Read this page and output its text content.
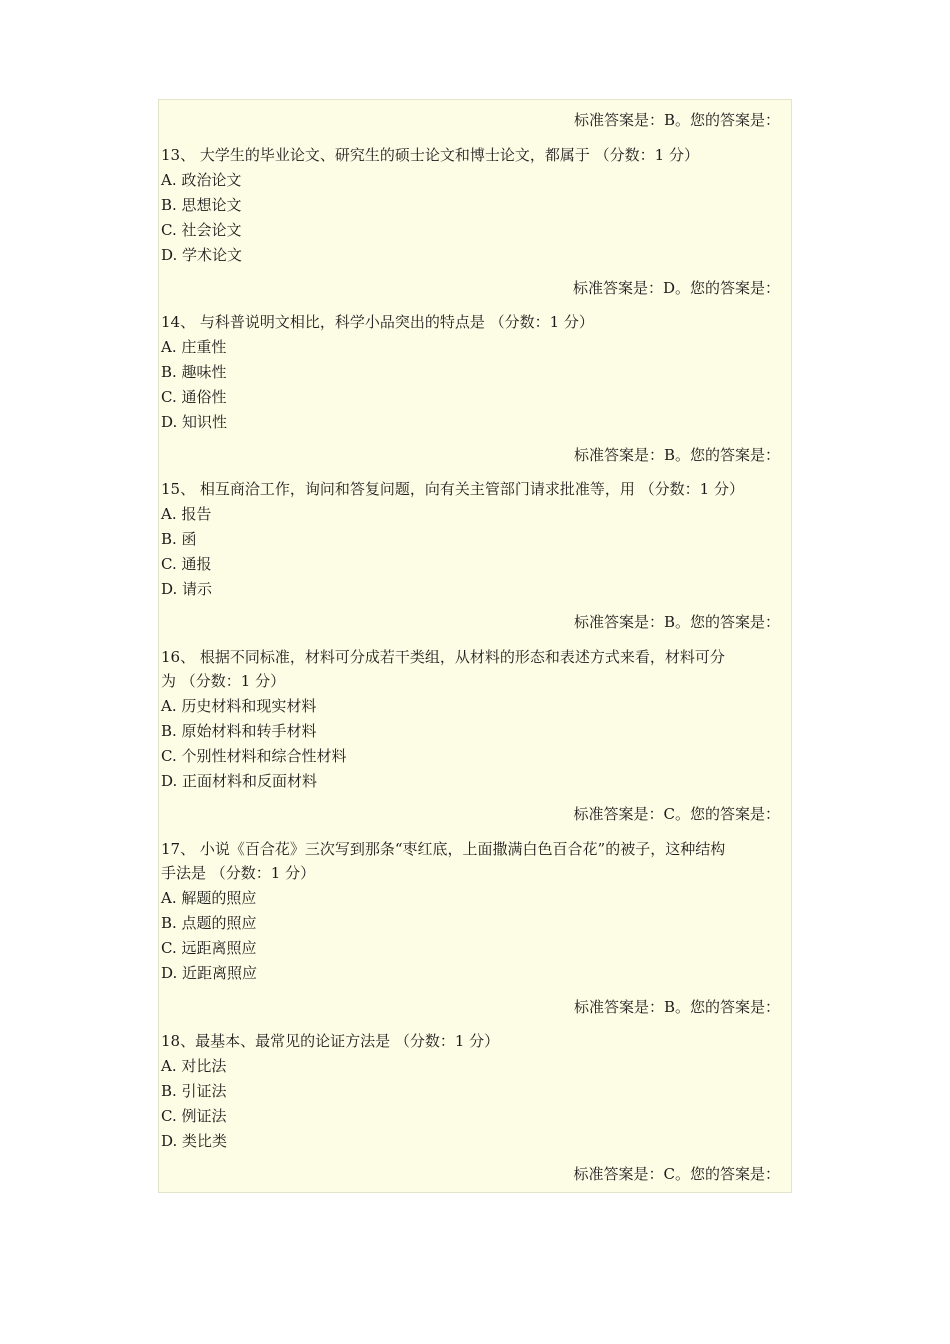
标准答案是：B。您的答案是：
13、 大学生的毕业论文、研究生的硕士论文和博士论文，都属于 （分数：1 分）
A. 政治论文
B. 思想论文
C. 社会论文
D. 学术论文
标准答案是：D。您的答案是：
14、 与科普说明文相比，科学小品突出的特点是 （分数：1 分）
A. 庄重性
B. 趣味性
C. 通俗性
D. 知识性
标准答案是：B。您的答案是：
15、 相互商洽工作，询问和答复问题，向有关主管部门请求批准等，用 （分数：1 分）
A. 报告
B. 函
C. 通报
D. 请示
标准答案是：B。您的答案是：
16、 根据不同标准，材料可分成若干类组，从材料的形态和表述方式来看，材料可分
为 （分数：1 分）
A. 历史材料和现实材料
B. 原始材料和转手材料
C. 个别性材料和综合性材料
D. 正面材料和反面材料
标准答案是：C。您的答案是：
17、 小说《百合花》三次写到那条“枣红底，上面撒满白色百合花”的被子，这种结构
手法是 （分数：1 分）
A. 解题的照应
B. 点题的照应
C. 远距离照应
D. 近距离照应
标准答案是：B。您的答案是：
18、最基本、最常见的论证方法是 （分数：1 分）
A. 对比法
B. 引证法
C. 例证法
D. 类比类
标准答案是：C。您的答案是：
